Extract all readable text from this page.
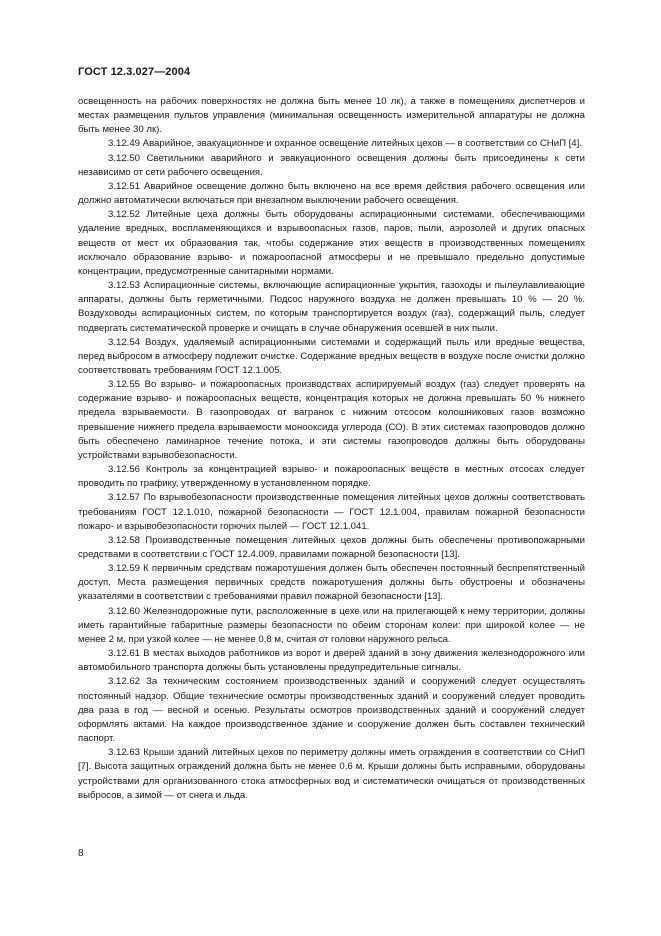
ГОСТ 12.3.027—2004

освещенность на рабочих поверхностях не должна быть менее 10 лк), а также в помещениях диспетчеров и местах размещения пультов управления (минимальная освещенность измерительной аппаратуры не должна быть менее 30 лк).

3.12.49 Аварийное, эвакуационное и охранное освещение литейных цехов — в соответствии со СНиП [4].

3.12.50 Светильники аварийного и эвакуационного освещения должны быть присоединены к сети независимо от сети рабочего освещения.

3.12.51 Аварийное освещение должно быть включено на все время действия рабочего освещения или должно автоматически включаться при внезапном выключении рабочего освещения.

3.12.52 Литейные цеха должны быть оборудованы аспирационными системами, обеспечивающими удаление вредных, воспламеняющихся и взрывоопасных газов, паров, пыли, аэрозолей и других опасных веществ от мест их образования так, чтобы содержание этих веществ в производственных помещениях исключало образование взрыво- и пожароопасной атмосферы и не превышало предельно допустимые концентрации, предусмотренные санитарными нормами.

3.12.53 Аспирационные системы, включающие аспирационные укрытия, газоходы и пылеулавливающие аппараты, должны быть герметичными. Подсос наружного воздуха не должен превышать 10 % — 20 %. Воздуховоды аспирационных систем, по которым транспортируется воздух (газ), содержащий пыль, следует подвергать систематической проверке и очищать в случае обнаружения осевшей в них пыли.

3.12.54 Воздух, удаляемый аспирационными системами и содержащий пыль или вредные вещества, перед выбросом в атмосферу подлежит очистке. Содержание вредных веществ в воздухе после очистки должно соответствовать требованиям ГОСТ 12.1.005.

3.12.55 Во взрыво- и пожароопасных производствах аспирируемый воздух (газ) следует проверять на содержание взрыво- и пожароопасных веществ, концентрация которых не должна превышать 50 % нижнего предела взрываемости. В газопроводах от вагранок с нижним отсосом колошниковых газов возможно превышение нижнего предела взрываемости монооксида углерода (СО). В этих системах газопроводов должно быть обеспечено ламинарное течение потока, и эти системы газопроводов должны быть оборудованы устройствами взрывобезопасности.

3.12.56 Контроль за концентрацией взрыво- и пожароопасных веществ в местных отсосах следует проводить по графику, утвержденному в установленном порядке.

3.12.57 По взрывобезопасности производственные помещения литейных цехов должны соответствовать требованиям ГОСТ 12.1.010, пожарной безопасности — ГОСТ 12.1.004, правилам пожарной безопасности пожаро- и взрывобезопасности горючих пылей — ГОСТ 12.1.041.

3.12.58 Производственные помещения литейных цехов должны быть обеспечены противопожарными средствами в соответствии с ГОСТ 12.4.009, правилами пожарной безопасности [13].

3.12.59 К первичным средствам пожаротушения должен быть обеспечен постоянный беспрепятственный доступ. Места размещения первичных средств пожаротушения должны быть обустроены и обозначены указателями в соответствии с требованиями правил пожарной безопасности [13].

3.12.60 Железнодорожные пути, расположенные в цехе или на прилегающей к нему территории, должны иметь гарантийные габаритные размеры безопасности по обеим сторонам колеи: при широкой колее — не менее 2 м, при узкой колее — не менее 0,8 м, считая от головки наружного рельса.

3.12.61 В местах выходов работников из ворот и дверей зданий в зону движения железнодорожного или автомобильного транспорта должны быть установлены предупредительные сигналы.

3.12.62 За техническим состоянием производственных зданий и сооружений следует осуществлять постоянный надзор. Общие технические осмотры производственных зданий и сооружений следует проводить два раза в год — весной и осенью. Результаты осмотров производственных зданий и сооружений следует оформлять актами. На каждое производственное здание и сооружение должен быть составлен технический паспорт.

3.12.63 Крыши зданий литейных цехов по периметру должны иметь ограждения в соответствии со СНиП [7]. Высота защитных ограждений должна быть не менее 0,6 м. Крыши должны быть исправными, оборудованы устройствами для организованного стока атмосферных вод и систематически очищаться от производственных выбросов, а зимой — от снега и льда.

8
